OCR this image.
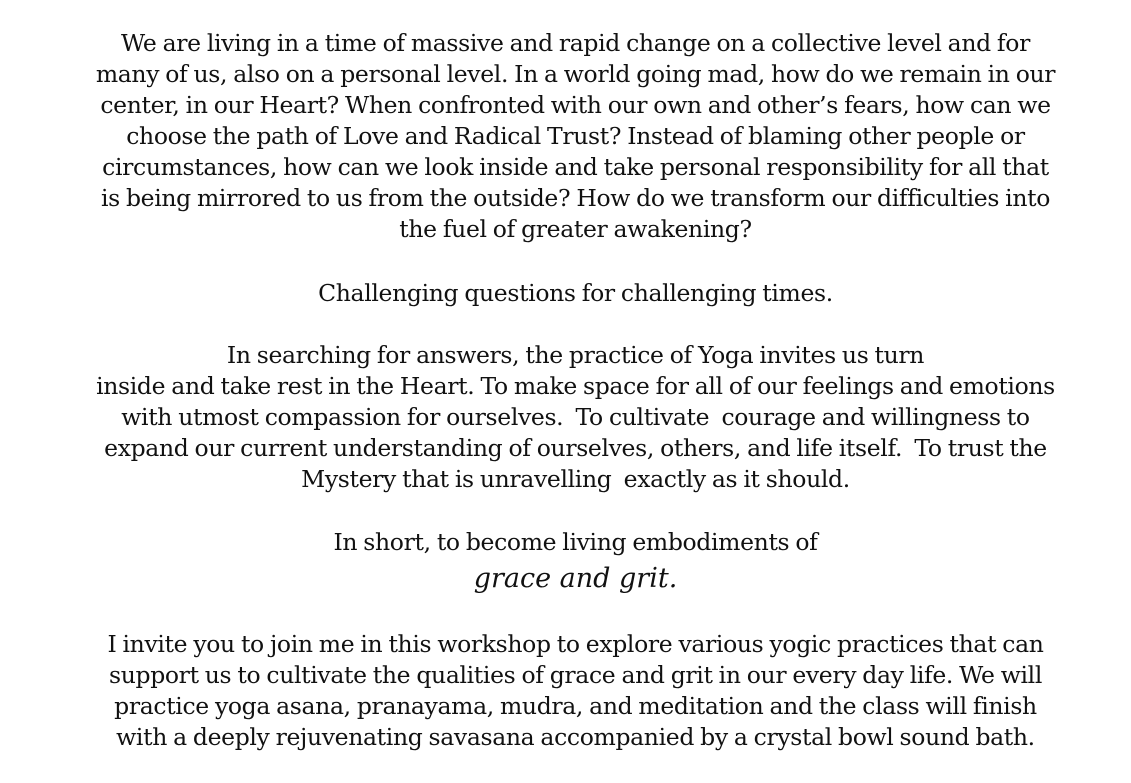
We are living in a time of massive and rapid change on a collective level and for
many of us, also on a personal level. In a world going mad, how do we remain in our
center, in our Heart? When confronted with our own and other’s fears, how can we
choose the path of Love and Radical Trust? Instead of blaming other people or
circumstances, how can we look inside and take personal responsibility for all that
is being mirrored to us from the outside? How do we transform our difficulties into
the fuel of greater awakening?

Challenging questions for challenging times.

In searching for answers, the practice of Yoga invites us turn
inside and take rest in the Heart. To make space for all of our feelings and emotions
with utmost compassion for ourselves.  To cultivate  courage and willingness to
expand our current understanding of ourselves, others, and life itself.  To trust the
Mystery that is unravelling  exactly as it should.

In short, to become living embodiments of

grace and grit.

I invite you to join me in this workshop to explore various yogic practices that can
support us to cultivate the qualities of grace and grit in our every day life. We will
practice yoga asana, pranayama, mudra, and meditation and the class will finish
with a deeply rejuvenating savasana accompanied by a crystal bowl sound bath.
